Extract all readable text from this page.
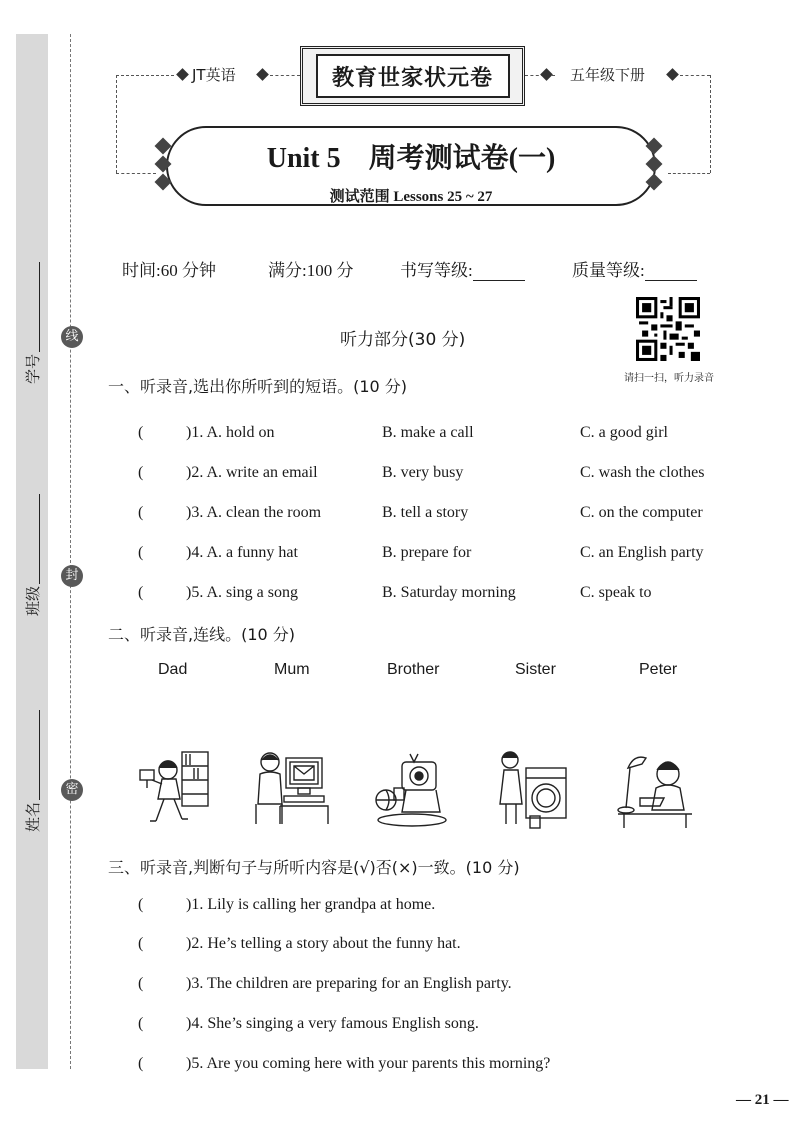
线
封
密
学号
班级
姓名
JT英语	教育世家状元卷	五年级下册
Unit 5　周考测试卷(一)
测试范围 Lessons 25 ~ 27
时间:60 分钟	满分:100 分	书写等级:	质量等级:
听力部分(30 分)
请扫一扫，听力录音
一、听录音,选出你所听到的短语。(10 分)
(	)1. A. hold on	B. make a call	C. a good girl
(	)2. A. write an email	B. very busy	C. wash the clothes
(	)3. A. clean the room	B. tell a story	C. on the computer
(	)4. A. a funny hat	B. prepare for	C. an English party
(	)5. A. sing a song	B. Saturday morning	C. speak to
二、听录音,连线。(10 分)
Dad	Mum	Brother	Sister	Peter
三、听录音,判断句子与所听内容是(√)否(×)一致。(10 分)
(	)1. Lily is calling her grandpa at home.
(	)2. He’s telling a story about the funny hat.
(	)3. The children are preparing for an English party.
(	)4. She’s singing a very famous English song.
(	)5. Are you coming here with your parents this morning?
— 21 —
